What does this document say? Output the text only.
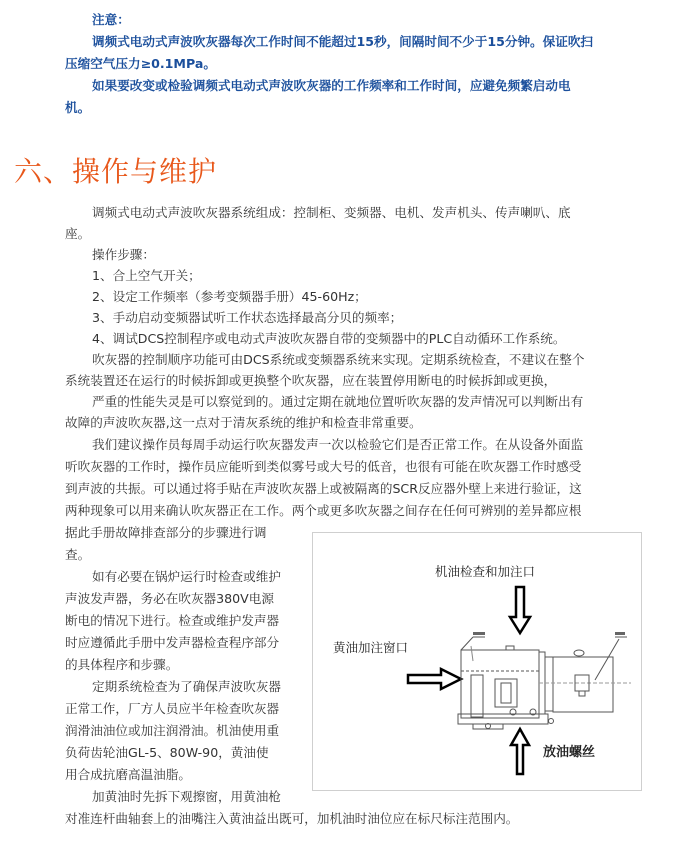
注意：
调频式电动式声波吹灰器每次工作时间不能超过15秒，间隔时间不少于15分钟。保证吹扫
压缩空气压力≥0.1MPa。
如果要改变或检验调频式电动式声波吹灰器的工作频率和工作时间，应避免频繁启动电
机。
六、操作与维护
调频式电动式声波吹灰器系统组成：控制柜、变频器、电机、发声机头、传声喇叭、底
座。
操作步骤：
1、合上空气开关；
2、设定工作频率（参考变频器手册）45-60Hz；
3、手动启动变频器试听工作状态选择最高分贝的频率；
4、调试DCS控制程序或电动式声波吹灰器自带的变频器中的PLC自动循环工作系统。
吹灰器的控制顺序功能可由DCS系统或变频器系统来实现。定期系统检查，不建议在整个
系统装置还在运行的时候拆卸或更换整个吹灰器，应在装置停用断电的时候拆卸或更换，
严重的性能失灵是可以察觉到的。通过定期在就地位置听吹灰器的发声情况可以判断出有
故障的声波吹灰器,这一点对于清灰系统的维护和检查非常重要。
我们建议操作员每周手动运行吹灰器发声一次以检验它们是否正常工作。在从设备外面监
听吹灰器的工作时，操作员应能听到类似雾号或大号的低音，也很有可能在吹灰器工作时感受
到声波的共振。可以通过将手贴在声波吹灰器上或被隔离的SCR反应器外壁上来进行验证，这
两种现象可以用来确认吹灰器正在工作。两个或更多吹灰器之间存在任何可辨别的差异都应根
据此手册故障排查部分的步骤进行调
查。
如有必要在锅炉运行时检查或维护
声波发声器，务必在吹灰器380V电源
断电的情况下进行。检查或维护发声器
时应遵循此手册中发声器检查程序部分
的具体程序和步骤。
定期系统检查为了确保声波吹灰器
正常工作，厂方人员应半年检查吹灰器
润滑油油位或加注润滑油。机油使用重
负荷齿轮油GL-5、80W-90，黄油使
用合成抗磨高温油脂。
加黄油时先拆下观擦窗，用黄油枪
对准连杆曲轴套上的油嘴注入黄油益出既可，加机油时油位应在标尺标注范围内。
机油检查和加注口
黄油加注窗口
放油螺丝
